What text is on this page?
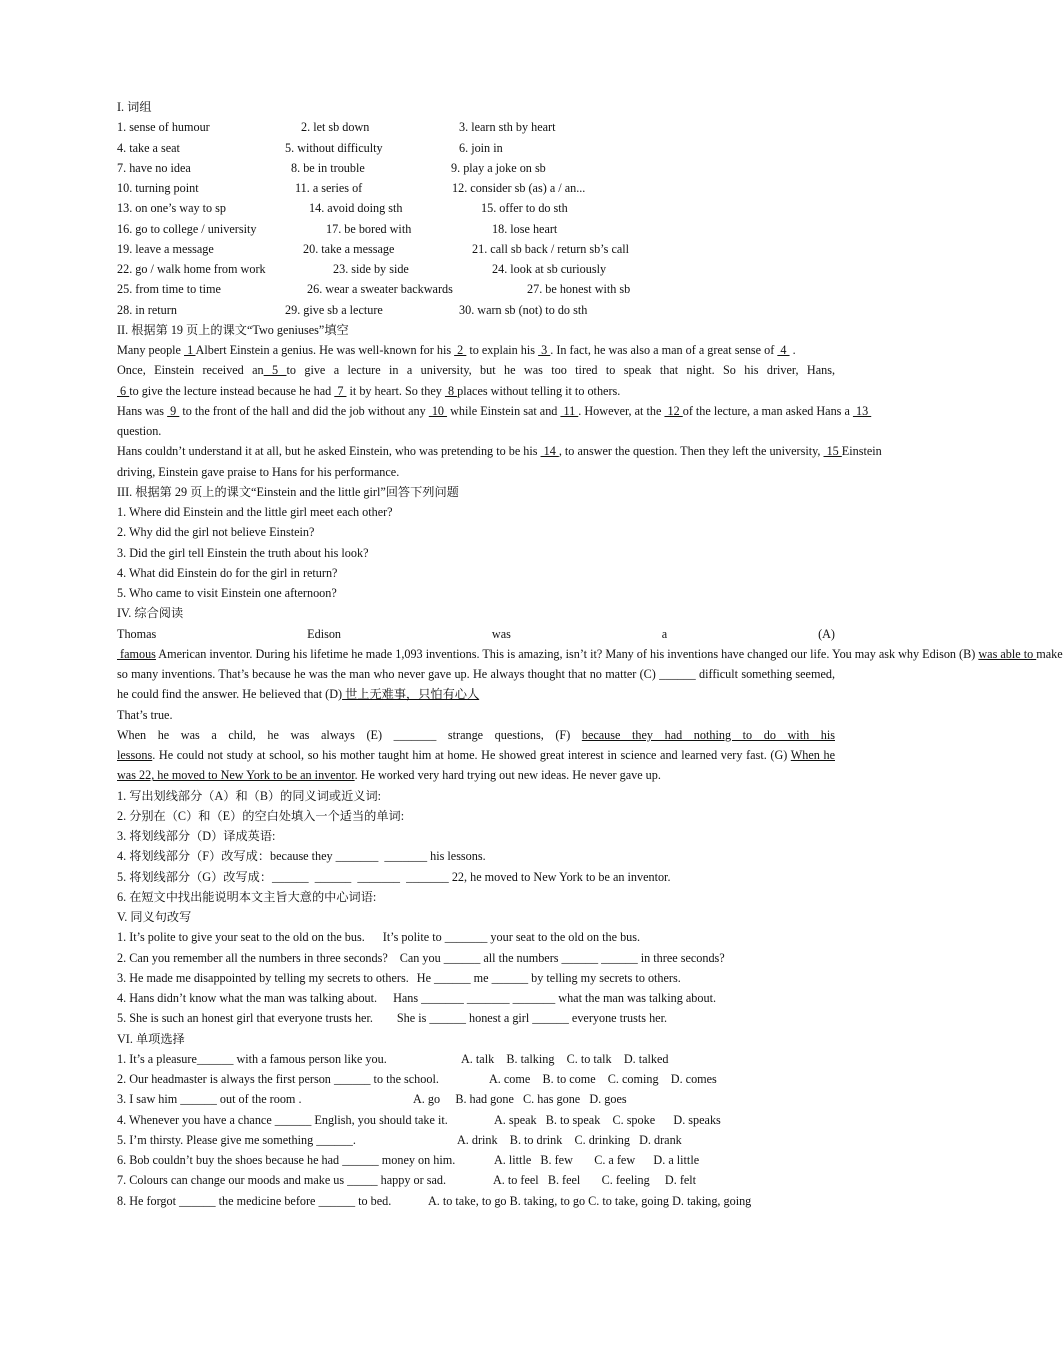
I. 词组
1. sense of humour	2. let sb down	3. learn sth by heart
4. take a seat	5. without difficulty	6. join in
7. have no idea	8. be in trouble	9. play a joke on sb
10. turning point	11. a series of	12. consider sb (as) a / an...
13. on one’s way to sp	14. avoid doing sth	15. offer to do sth
16. go to college / university	17. be bored with	18. lose heart
19. leave a message	20. take a message	21. call sb back / return sb’s call
22. go / walk home from work	23. side by side	24. look at sb curiously
25. from time to time	26. wear a sweater backwards	27. be honest with sb
28. in return	29. give sb a lecture	30. warn sb (not) to do sth
II. 根据第 19 页上的课文“Two geniuses”填空
Many people  1 Albert Einstein a genius. He was well-known for his  2  to explain his  3 . In fact, he was also a man of a great sense of  4  .
Once, Einstein received an 5 to give a lecture in a university, but he was too tired to speak that night. So his driver, Hans, 6 to give the lecture instead because he had  7  it by heart. So they  8 places without telling it to others.
Hans was  9  to the front of the hall and did the job without any  10  while Einstein sat and  11 . However, at the  12 of the lecture, a man asked Hans a  13  question.
Hans couldn’t understand it at all, but he asked Einstein, who was pretending to be his  14 , to answer the question. Then they left the university,  15 Einstein driving, Einstein gave praise to Hans for his performance.
III. 根据第 29 页上的课文“Einstein and the little girl”回答下列问题
1. Where did Einstein and the little girl meet each other?
2. Why did the girl not believe Einstein?
3. Did the girl tell Einstein the truth about his look?
4. What did Einstein do for the girl in return?
5. Who came to visit Einstein one afternoon?
IV. 综合阅读
Thomas Edison was a (A) famous American inventor. During his lifetime he made 1,093 inventions. This is amazing, isn’t it? Many of his inventions have changed our life. You may ask why Edison (B) was able to make so many inventions. That’s because he was the man who never gave up. He always thought that no matter (C) ______ difficult something seemed, he could find the answer. He believed that (D) 世上无难事，只怕有心人
That’s true.
When he was a child, he was always (E) _______ strange questions, (F) because they had nothing to do with his lessons. He could not study at school, so his mother taught him at home. He showed great interest in science and learned very fast. (G) When he was 22, he moved to New York to be an inventor. He worked very hard trying out new ideas. He never gave up.
1. 写出划线部分（A）和（B）的同义词或近义词:
2. 分别在（C）和（E）的空白处填入一个适当的单词:
3. 将划线部分（D）译成英语:
4. 将划线部分（F）改写成：because they _______  _______ his lessons.
5. 将划线部分（G）改写成：______  ______  _______  _______ 22, he moved to New York to be an inventor.
6. 在短文中找出能说明本文主旨大意的中心词语:
V. 同义句改写
1. It’s polite to give your seat to the old on the bus. It’s polite to _______ your seat to the old on the bus.
2. Can you remember all the numbers in three seconds? Can you ______ all the numbers ______ ______ in three seconds?
3. He made me disappointed by telling my secrets to others. He ______ me ______ by telling my secrets to others.
4. Hans didn’t know what the man was talking about. Hans _______ _______ _______ what the man was talking about.
5. She is such an honest girl that everyone trusts her. She is ______ honest a girl ______ everyone trusts her.
VI. 单项选择
1. It’s a pleasure______ with a famous person like you.	A. talk    B. talking    C. to talk    D. talked
2. Our headmaster is always the first person ______ to the school.	A. come    B. to come    C. coming    D. comes
3. I saw him ______ out of the room .	A. go     B. had gone   C. has gone   D. goes
4. Whenever you have a chance ______ English, you should take it.	A. speak   B. to speak    C. spoke      D. speaks
5. I’m thirsty. Please give me something ______.	A. drink    B. to drink    C. drinking   D. drank
6. Bob couldn’t buy the shoes because he had ______ money on him.	A. little   B. few       C. a few      D. a little
7. Colours can change our moods and make us _____ happy or sad.	A. to feel   B. feel       C. feeling     D. felt
8. He forgot ______ the medicine before ______ to bed.	A. to take, to go B. taking, to go C. to take, going D. taking, going
